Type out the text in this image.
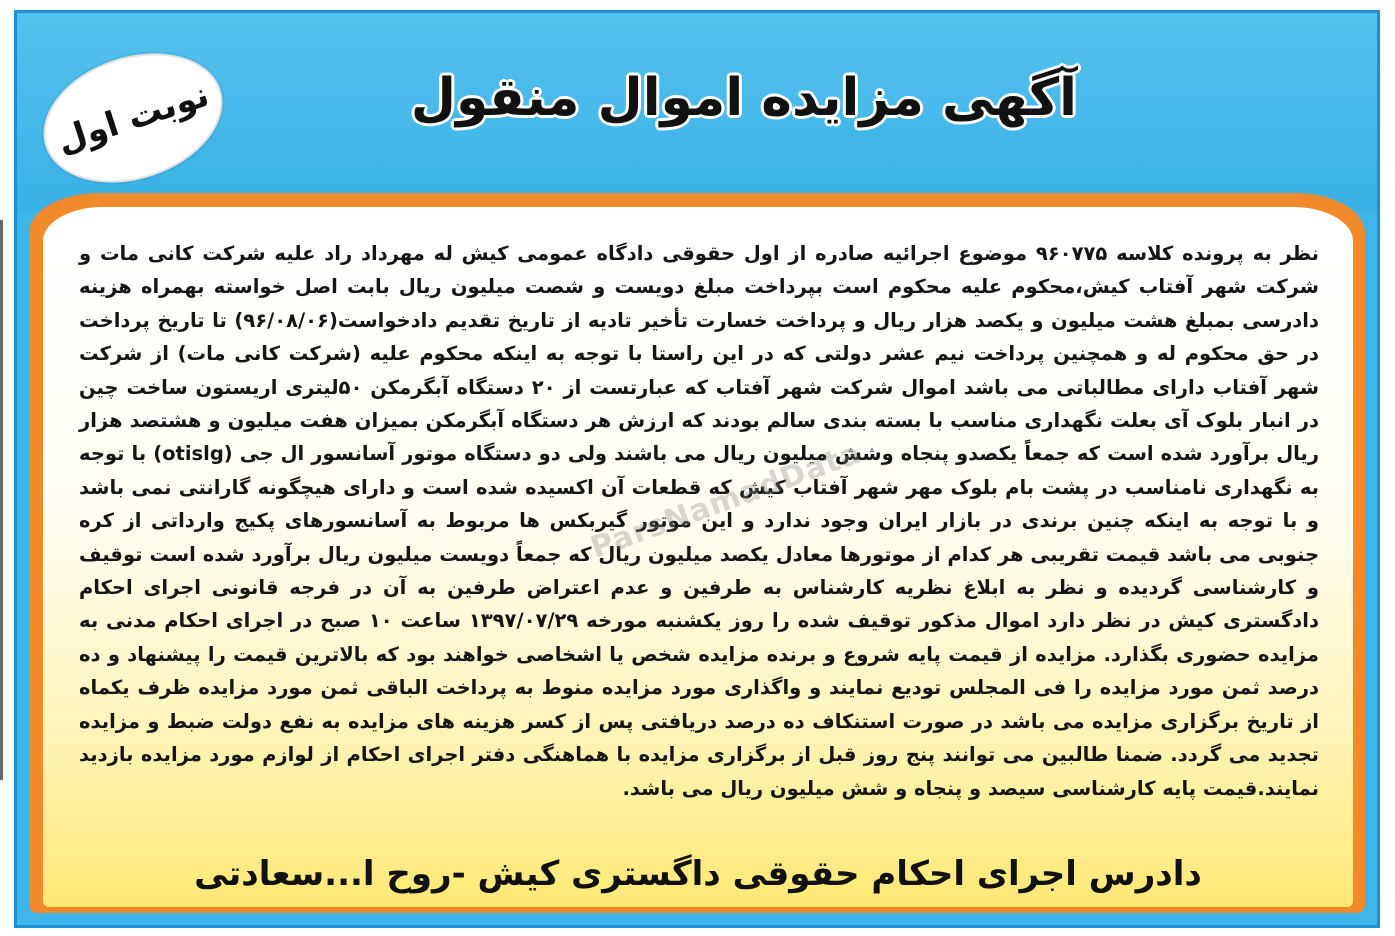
نوبت اول	آگهی مزایده اموال منقول

نظر به پرونده کلاسه ۹۶۰۷۷۵ موضوع اجرائیه صادره از اول حقوقی دادگاه عمومی کیش له مهرداد راد علیه شرکت کانی مات و شرکت شهر آفتاب کیش،محکوم علیه محکوم است بپرداخت مبلغ دویست و شصت میلیون ریال بابت اصل خواسته بهمراه هزینه دادرسی بمبلغ هشت میلیون و یکصد هزار ریال و پرداخت خسارت تأخیر تادیه از تاریخ تقدیم دادخواست(۹۶/۰۸/۰۶) تا تاریخ پرداخت در حق محکوم له و همچنین پرداخت نیم عشر دولتی که در این راستا با توجه به اینکه محکوم علیه (شرکت کانی مات) از شرکت شهر آفتاب دارای مطالباتی می باشد اموال شرکت شهر آفتاب که عبارتست از ۲۰ دستگاه آبگرمکن ۵۰لیتری اریستون ساخت چین در انبار بلوک آی بعلت نگهداری مناسب با بسته بندی سالم بودند که ارزش هر دستگاه آبگرمکن بمیزان هفت میلیون و هشتصد هزار ریال برآورد شده است که جمعاً یکصدو پنجاه وشش میلیون ریال می باشند ولی دو دستگاه موتور آسانسور ال جی (otislg) با توجه به نگهداری نامناسب در پشت بام بلوک مهر شهر آفتاب کیش که قطعات آن اکسیده شده است و دارای هیچگونه گارانتی نمی باشد و با توجه به اینکه چنین برندی در بازار ایران وجود ندارد و این موتور گیربکس ها مربوط به آسانسورهای پکیج وارداتی از کره جنوبی می باشد قیمت تقریبی هر کدام از موتورها معادل یکصد میلیون ریال که جمعاً دویست میلیون ریال برآورد شده است توقیف و کارشناسی گردیده و نظر به ابلاغ نظریه کارشناس به طرفین و عدم اعتراض طرفین به آن در فرجه قانونی اجرای احکام دادگستری کیش در نظر دارد اموال مذکور توقیف شده را روز یکشنبه مورخه ۱۳۹۷/۰۷/۲۹ ساعت ۱۰ صبح در اجرای احکام مدنی به مزایده حضوری بگذارد. مزایده از قیمت پایه شروع و برنده مزایده شخص یا اشخاصی خواهند بود که بالاترین قیمت را پیشنهاد و ده درصد ثمن مورد مزایده را فی المجلس تودیع نمایند و واگذاری مورد مزایده منوط به پرداخت الباقی ثمن مورد مزایده ظرف یکماه از تاریخ برگزاری مزایده می باشد در صورت استنکاف ده درصد دریافتی پس از کسر هزینه های مزایده به نفع دولت ضبط و مزایده تجدید می گردد. ضمنا طالبین می توانند پنج روز قبل از برگزاری مزایده با هماهنگی دفتر اجرای احکام از لوازم مورد مزایده بازدید نمایند.قیمت پایه کارشناسی سیصد و پنجاه و شش میلیون ریال می باشد.

ParsNamadData
دادرس اجرای احکام حقوقی داگستری کیش -روح ا...سعادتی
